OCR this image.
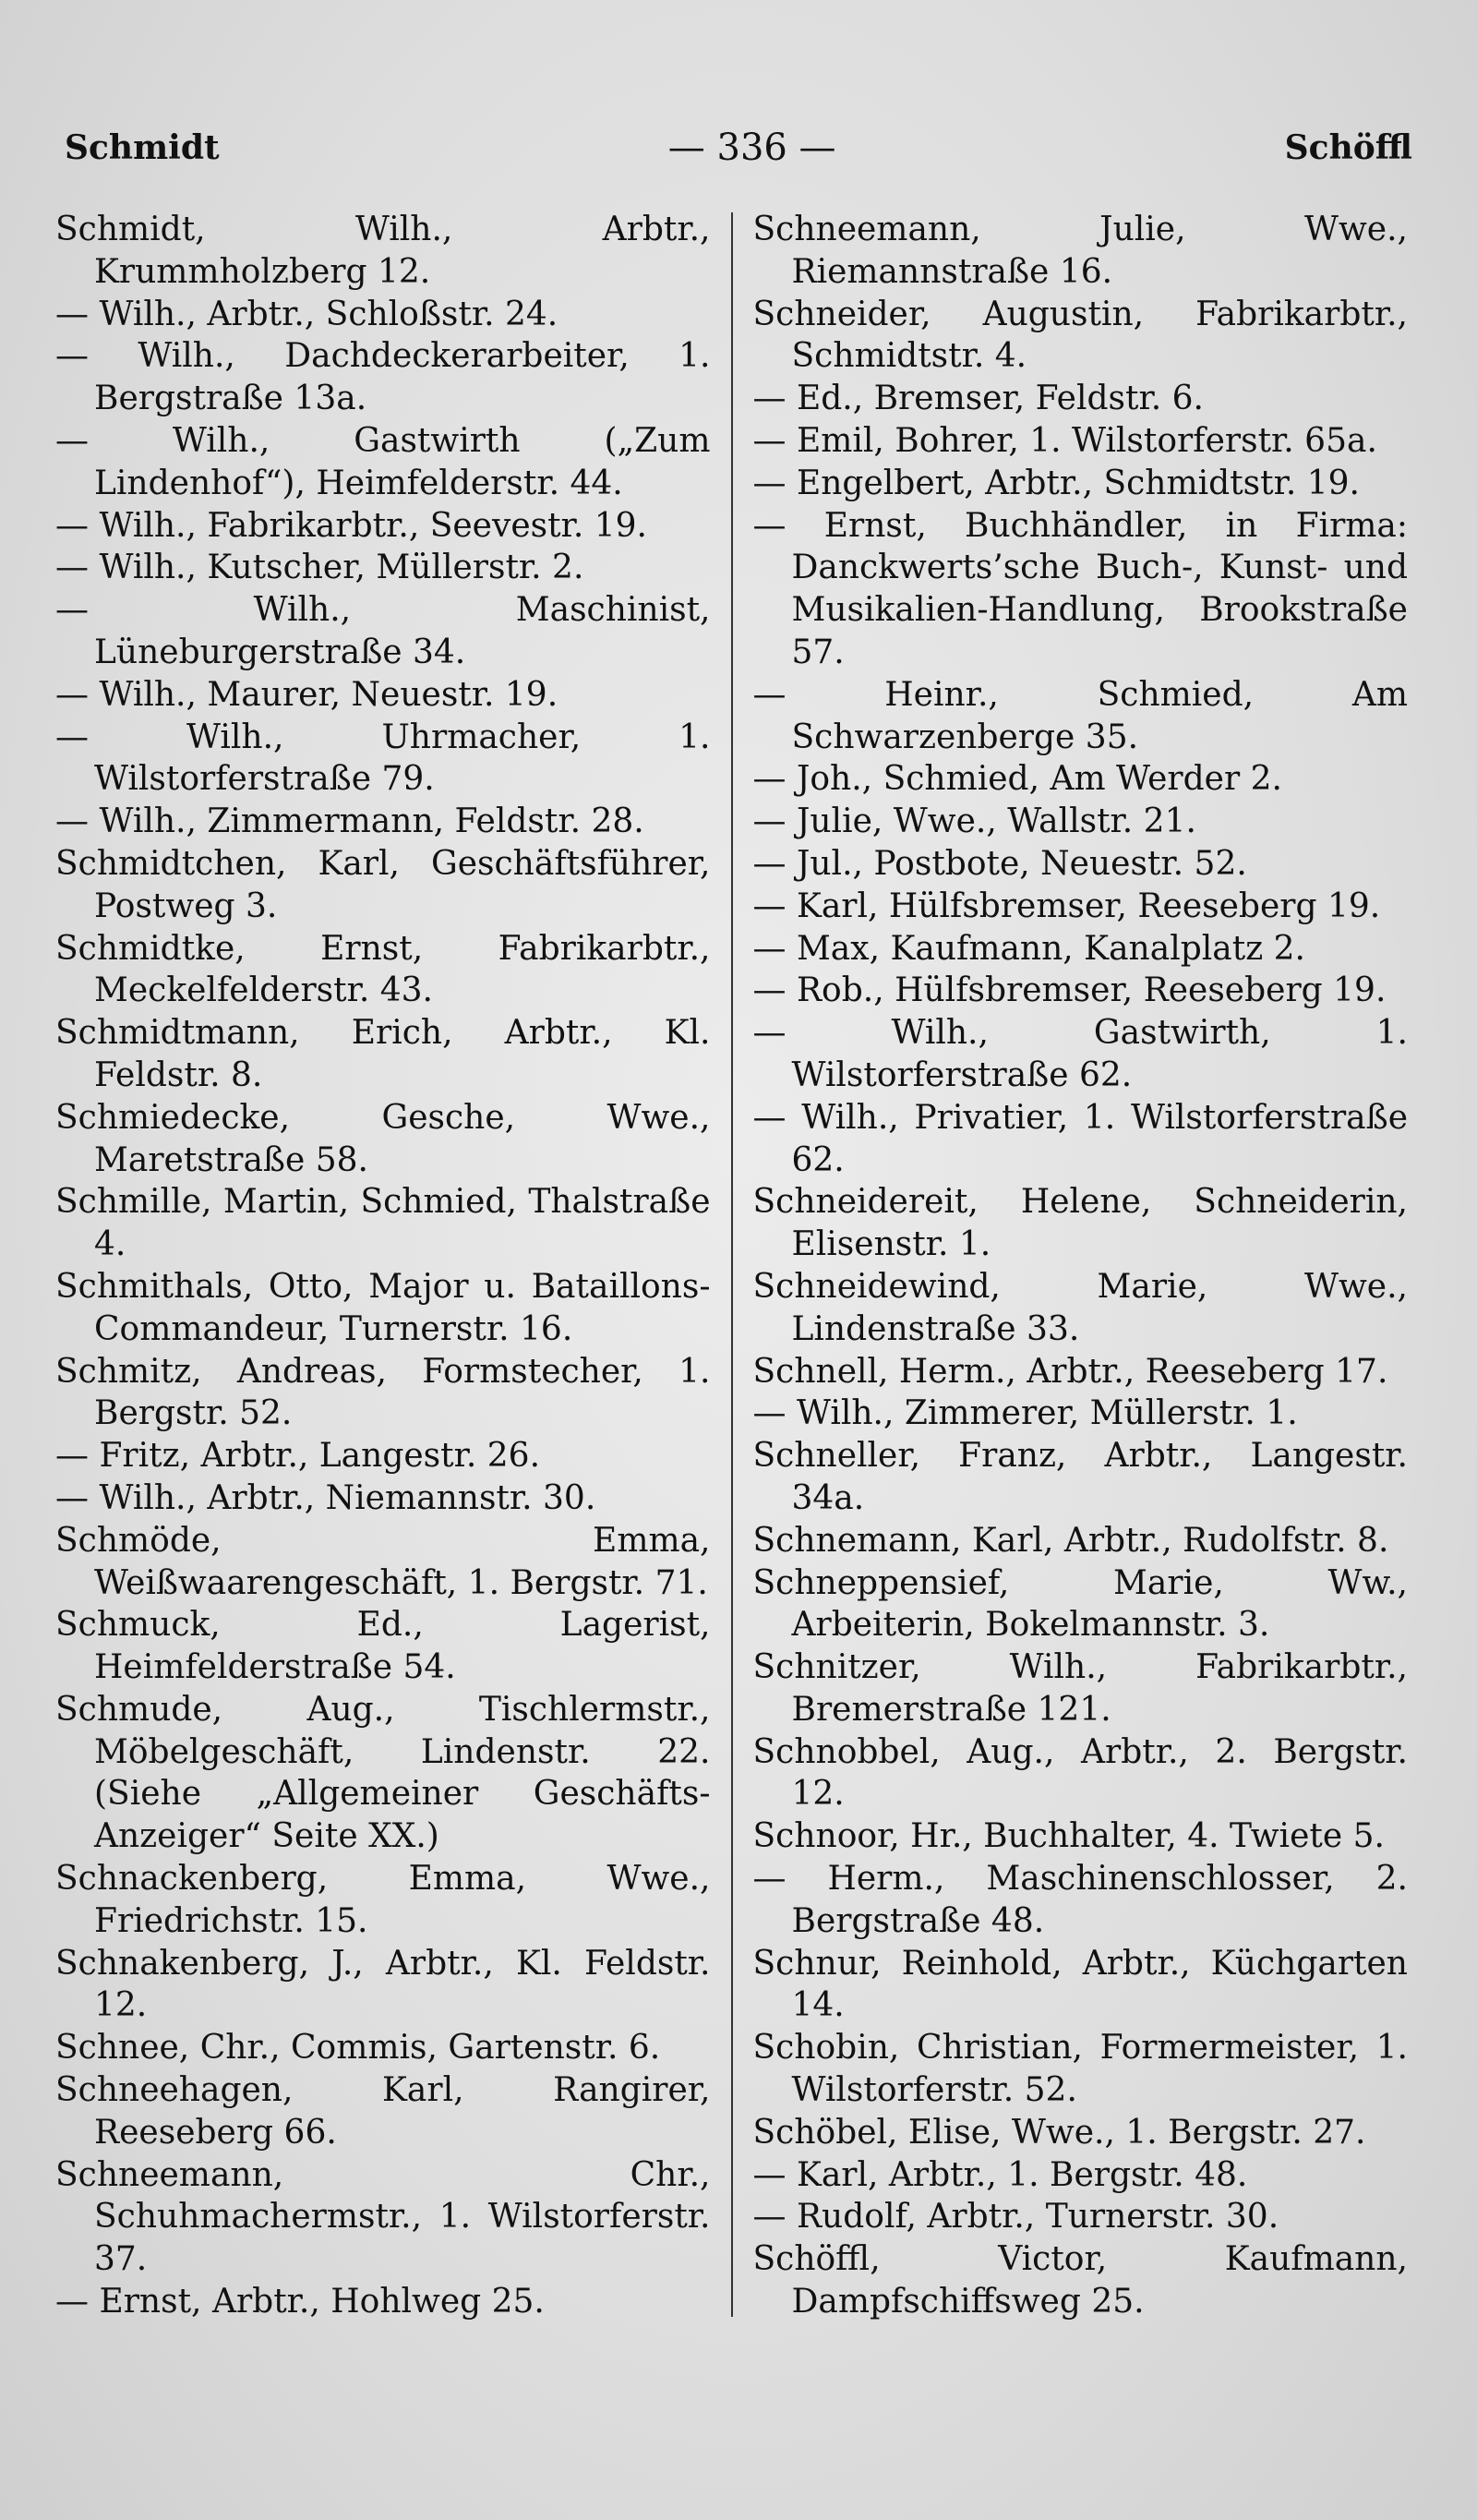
Schmidt	— 336 —	Schöffl
Schmidt, Wilh., Arbtr., Krummholzberg 12.
— Wilh., Arbtr., Schloßstr. 24.
— Wilh., Dachdeckerarbeiter, 1. Bergstraße 13a.
— Wilh., Gastwirth („Zum Lindenhof“), Heimfelderstr. 44.
— Wilh., Fabrikarbtr., Seevestr. 19.
— Wilh., Kutscher, Müllerstr. 2.
— Wilh., Maschinist, Lüneburgerstraße 34.
— Wilh., Maurer, Neuestr. 19.
— Wilh., Uhrmacher, 1. Wilstorferstraße 79.
— Wilh., Zimmermann, Feldstr. 28.
Schmidtchen, Karl, Geschäftsführer, Postweg 3.
Schmidtke, Ernst, Fabrikarbtr., Meckelfelderstr. 43.
Schmidtmann, Erich, Arbtr., Kl. Feldstr. 8.
Schmiedecke, Gesche, Wwe., Maretstraße 58.
Schmille, Martin, Schmied, Thalstraße 4.
Schmithals, Otto, Major u. Bataillons-Commandeur, Turnerstr. 16.
Schmitz, Andreas, Formstecher, 1. Bergstr. 52.
— Fritz, Arbtr., Langestr. 26.
— Wilh., Arbtr., Niemannstr. 30.
Schmöde, Emma, Weißwaarengeschäft, 1. Bergstr. 71.
Schmuck, Ed., Lagerist, Heimfelderstraße 54.
Schmude, Aug., Tischlermstr., Möbelgeschäft, Lindenstr. 22. (Siehe „Allgemeiner Geschäfts-Anzeiger“ Seite XX.)
Schnackenberg, Emma, Wwe., Friedrichstr. 15.
Schnakenberg, J., Arbtr., Kl. Feldstr. 12.
Schnee, Chr., Commis, Gartenstr. 6.
Schneehagen, Karl, Rangirer, Reeseberg 66.
Schneemann, Chr., Schuhmachermstr., 1. Wilstorferstr. 37.
— Ernst, Arbtr., Hohlweg 25.
Schneemann, Julie, Wwe., Riemannstraße 16.
Schneider, Augustin, Fabrikarbtr., Schmidtstr. 4.
— Ed., Bremser, Feldstr. 6.
— Emil, Bohrer, 1. Wilstorferstr. 65a.
— Engelbert, Arbtr., Schmidtstr. 19.
— Ernst, Buchhändler, in Firma: Danckwerts’sche Buch-, Kunst- und Musikalien-Handlung, Brookstraße 57.
— Heinr., Schmied, Am Schwarzenberge 35.
— Joh., Schmied, Am Werder 2.
— Julie, Wwe., Wallstr. 21.
— Jul., Postbote, Neuestr. 52.
— Karl, Hülfsbremser, Reeseberg 19.
— Max, Kaufmann, Kanalplatz 2.
— Rob., Hülfsbremser, Reeseberg 19.
— Wilh., Gastwirth, 1. Wilstorferstraße 62.
— Wilh., Privatier, 1. Wilstorferstraße 62.
Schneidereit, Helene, Schneiderin, Elisenstr. 1.
Schneidewind, Marie, Wwe., Lindenstraße 33.
Schnell, Herm., Arbtr., Reeseberg 17.
— Wilh., Zimmerer, Müllerstr. 1.
Schneller, Franz, Arbtr., Langestr. 34a.
Schnemann, Karl, Arbtr., Rudolfstr. 8.
Schneppensief, Marie, Ww., Arbeiterin, Bokelmannstr. 3.
Schnitzer, Wilh., Fabrikarbtr., Bremerstraße 121.
Schnobbel, Aug., Arbtr., 2. Bergstr. 12.
Schnoor, Hr., Buchhalter, 4. Twiete 5.
— Herm., Maschinenschlosser, 2. Bergstraße 48.
Schnur, Reinhold, Arbtr., Küchgarten 14.
Schobin, Christian, Formermeister, 1. Wilstorferstr. 52.
Schöbel, Elise, Wwe., 1. Bergstr. 27.
— Karl, Arbtr., 1. Bergstr. 48.
— Rudolf, Arbtr., Turnerstr. 30.
Schöffl, Victor, Kaufmann, Dampfschiffsweg 25.
